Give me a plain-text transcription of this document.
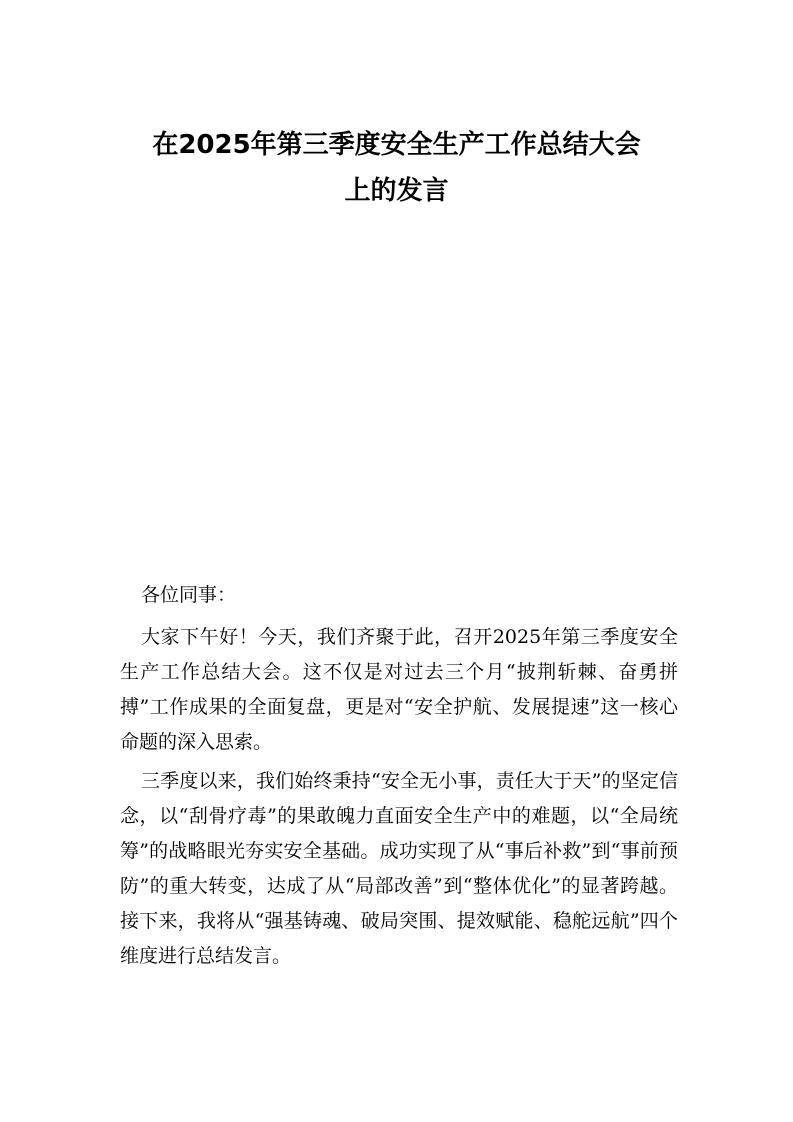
在2025年第三季度安全生产工作总结大会
上的发言

各位同事：

大家下午好！今天，我们齐聚于此，召开2025年第三季度安全生产工作总结大会。这不仅是对过去三个月“披荆斩棘、奋勇拼搏”工作成果的全面复盘，更是对“安全护航、发展提速”这一核心命题的深入思索。

三季度以来，我们始终秉持“安全无小事，责任大于天”的坚定信念，以“刮骨疗毒”的果敢魄力直面安全生产中的难题，以“全局统筹”的战略眼光夯实安全基础。成功实现了从“事后补救”到“事前预防”的重大转变，达成了从“局部改善”到“整体优化”的显著跨越。接下来，我将从“强基铸魂、破局突围、提效赋能、稳舵远航”四个维度进行总结发言。
